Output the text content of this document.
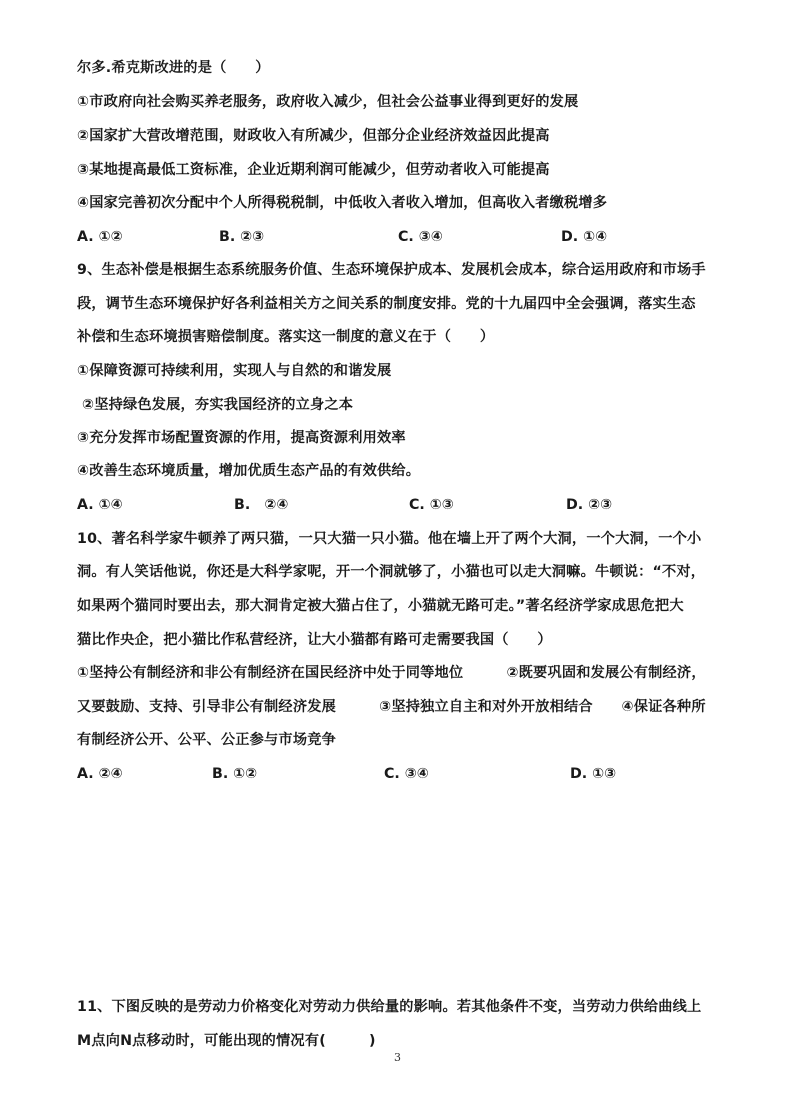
尔多.希克斯改进的是（　　）
①市政府向社会购买养老服务，政府收入减少，但社会公益事业得到更好的发展
②国家扩大营改增范围，财政收入有所减少，但部分企业经济效益因此提高
③某地提高最低工资标准，企业近期利润可能减少，但劳动者收入可能提高
④国家完善初次分配中个人所得税税制，中低收入者收入增加，但高收入者缴税增多
A. ①②	B. ②③	C. ③④	D. ①④
9、生态补偿是根据生态系统服务价值、生态环境保护成本、发展机会成本，综合运用政府和市场手
段，调节生态环境保护好各利益相关方之间关系的制度安排。党的十九届四中全会强调，落实生态
补偿和生态环境损害赔偿制度。落实这一制度的意义在于（　　）
①保障资源可持续利用，实现人与自然的和谐发展
②坚持绿色发展，夯实我国经济的立身之本
③充分发挥市场配置资源的作用，提高资源利用效率
④改善生态环境质量，增加优质生态产品的有效供给。
A. ①④	B.　②④	C. ①③	D. ②③
10、著名科学家牛顿养了两只猫，一只大猫一只小猫。他在墙上开了两个大洞，一个大洞，一个小
洞。有人笑话他说，你还是大科学家呢，开一个洞就够了，小猫也可以走大洞嘛。牛顿说：“不对，
如果两个猫同时要出去，那大洞肯定被大猫占住了，小猫就无路可走。”著名经济学家成思危把大
猫比作央企，把小猫比作私营经济，让大小猫都有路可走需要我国（　　）
①坚持公有制经济和非公有制经济在国民经济中处于同等地位　　　②既要巩固和发展公有制经济，
又要鼓励、支持、引导非公有制经济发展　　　③坚持独立自主和对外开放相结合　　④保证各种所
有制经济公开、公平、公正参与市场竞争
A. ②④	B. ①②	C. ③④	D. ①③
11、下图反映的是劳动力价格变化对劳动力供给量的影响。若其他条件不变，当劳动力供给曲线上
M点向N点移动时，可能出现的情况有(　　　)
3
